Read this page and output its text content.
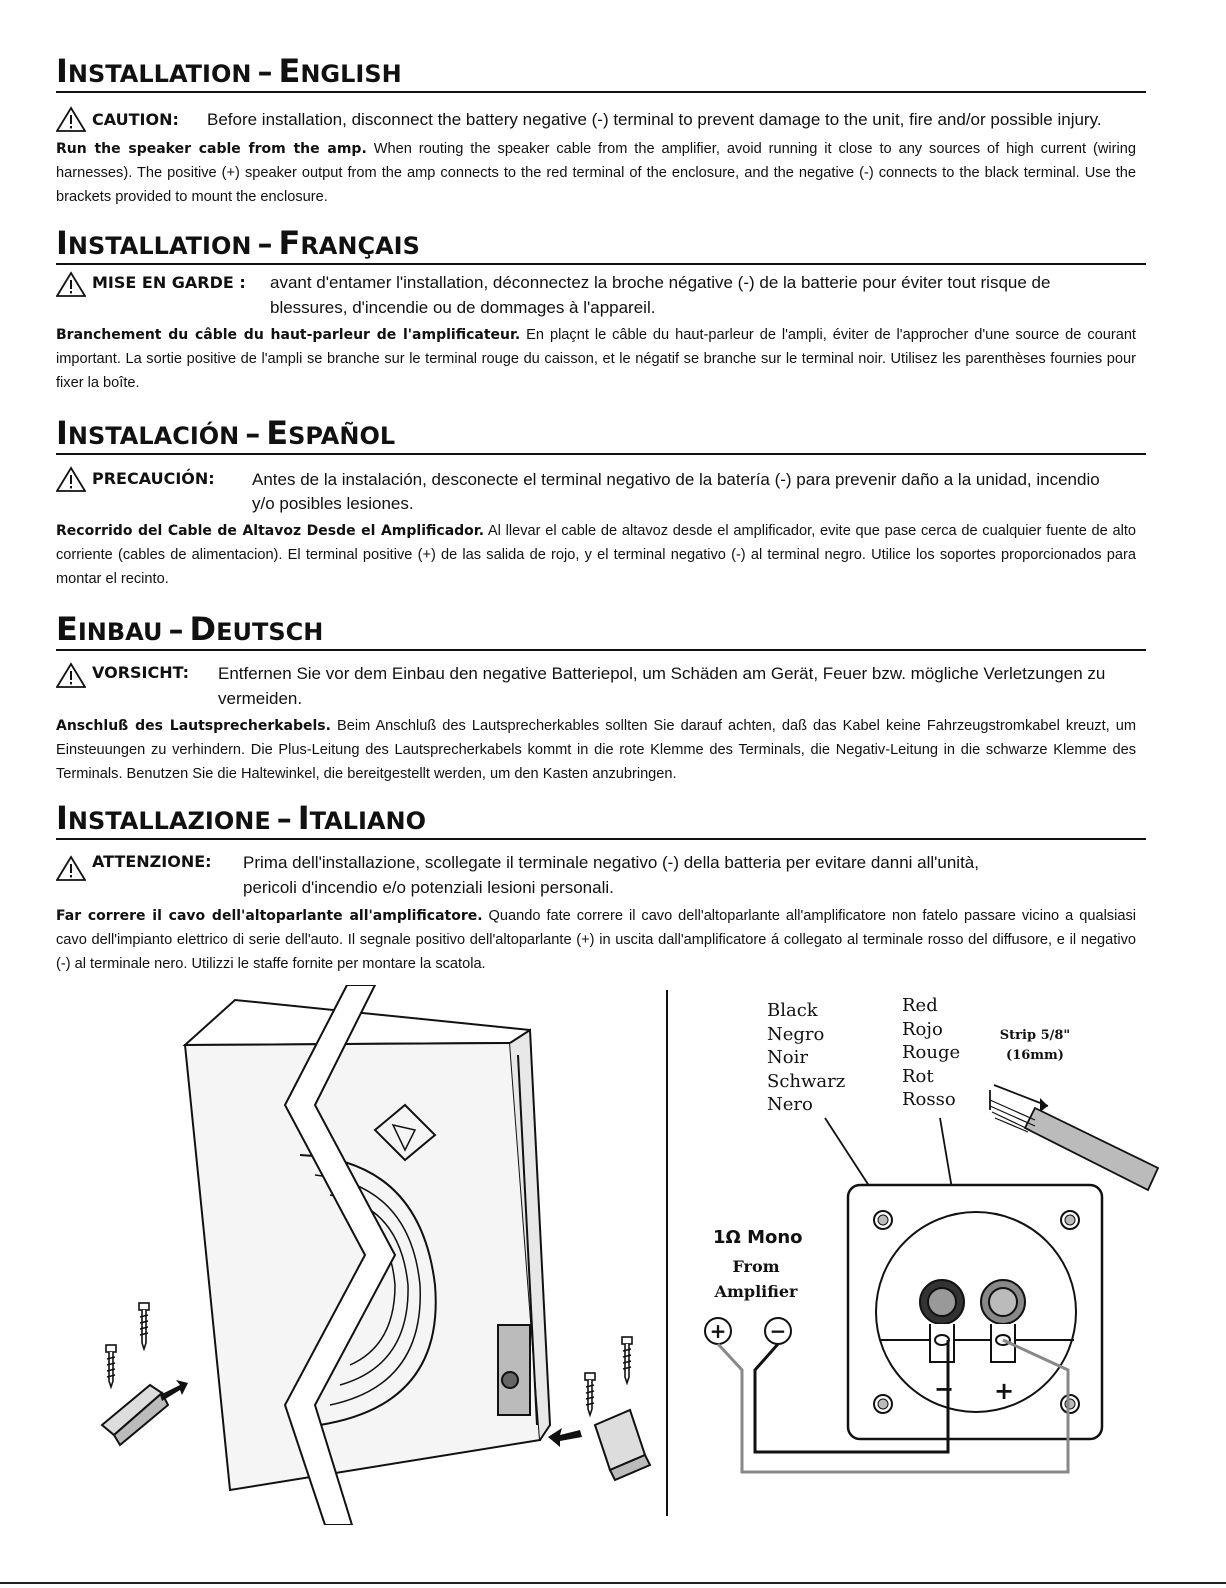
INSTALLATION – ENGLISH
CAUTION: Before installation, disconnect the battery negative (-) terminal to prevent damage to the unit, fire and/or possible injury.
Run the speaker cable from the amp. When routing the speaker cable from the amplifier, avoid running it close to any sources of high current (wiring harnesses). The positive (+) speaker output from the amp connects to the red terminal of the enclosure, and the negative (-) connects to the black terminal. Use the brackets provided to mount the enclosure.
INSTALLATION – FRANÇAIS
MISE EN GARDE : avant d'entamer l'installation, déconnectez la broche négative (-) de la batterie pour éviter tout risque de
blessures, d'incendie ou de dommages à l'appareil.
Branchement du câble du haut-parleur de l'amplificateur. En plaçnt le câble du haut-parleur de l'ampli, éviter de l'approcher d'une source de courant important. La sortie positive de l'ampli se branche sur le terminal rouge du caisson, et le négatif se branche sur le terminal noir. Utilisez les parenthèses fournies pour fixer la boîte.
INSTALACIÓN – ESPAÑOL
PRECAUCIÓN: Antes de la instalación, desconecte el terminal negativo de la batería (-) para prevenir daño a la unidad, incendio
y/o posibles lesiones.
Recorrido del Cable de Altavoz Desde el Amplificador. Al llevar el cable de altavoz desde el amplificador, evite que pase cerca de cualquier fuente de alto corriente (cables de alimentacion). El terminal positive (+) de las salida de rojo, y el terminal negativo (-) al terminal negro. Utilice los soportes proporcionados para montar el recinto.
EINBAU – DEUTSCH
VORSICHT: Entfernen Sie vor dem Einbau den negative Batteriepol, um Schäden am Gerät, Feuer bzw. mögliche Verletzungen zu
vermeiden.
Anschluß des Lautsprecherkabels. Beim Anschluß des Lautsprecherkables sollten Sie darauf achten, daß das Kabel keine Fahrzeugstromkabel kreuzt, um Einsteuungen zu verhindern. Die Plus-Leitung des Lautsprecherkabels kommt in die rote Klemme des Terminals, die Negativ-Leitung in die schwarze Klemme des Terminals. Benutzen Sie die Haltewinkel, die bereitgestellt werden, um den Kasten anzubringen.
INSTALLAZIONE – ITALIANO
ATTENZIONE: Prima dell'installazione, scollegate il terminale negativo (-) della batteria per evitare danni all'unità,
pericoli d'incendio e/o potenziali lesioni personali.
Far correre il cavo dell'altoparlante all'amplificatore. Quando fate correre il cavo dell'altoparlante all'amplificatore non fatelo passare vicino a qualsiasi cavo dell'impianto elettrico di serie dell'auto. Il segnale positivo dell'altoparlante (+) in uscita dall'amplificatore á collegato al terminale rosso del diffusore, e il negativo (-) al terminale nero. Utilizzi le staffe fornite per montare la scatola.
Black
Negro
Noir
Schwarz
Nero
Red
Rojo
Rouge
Rot
Rosso
Strip 5/8"
(16mm)
1Ω Mono
From
Amplifier
− +
+ −
